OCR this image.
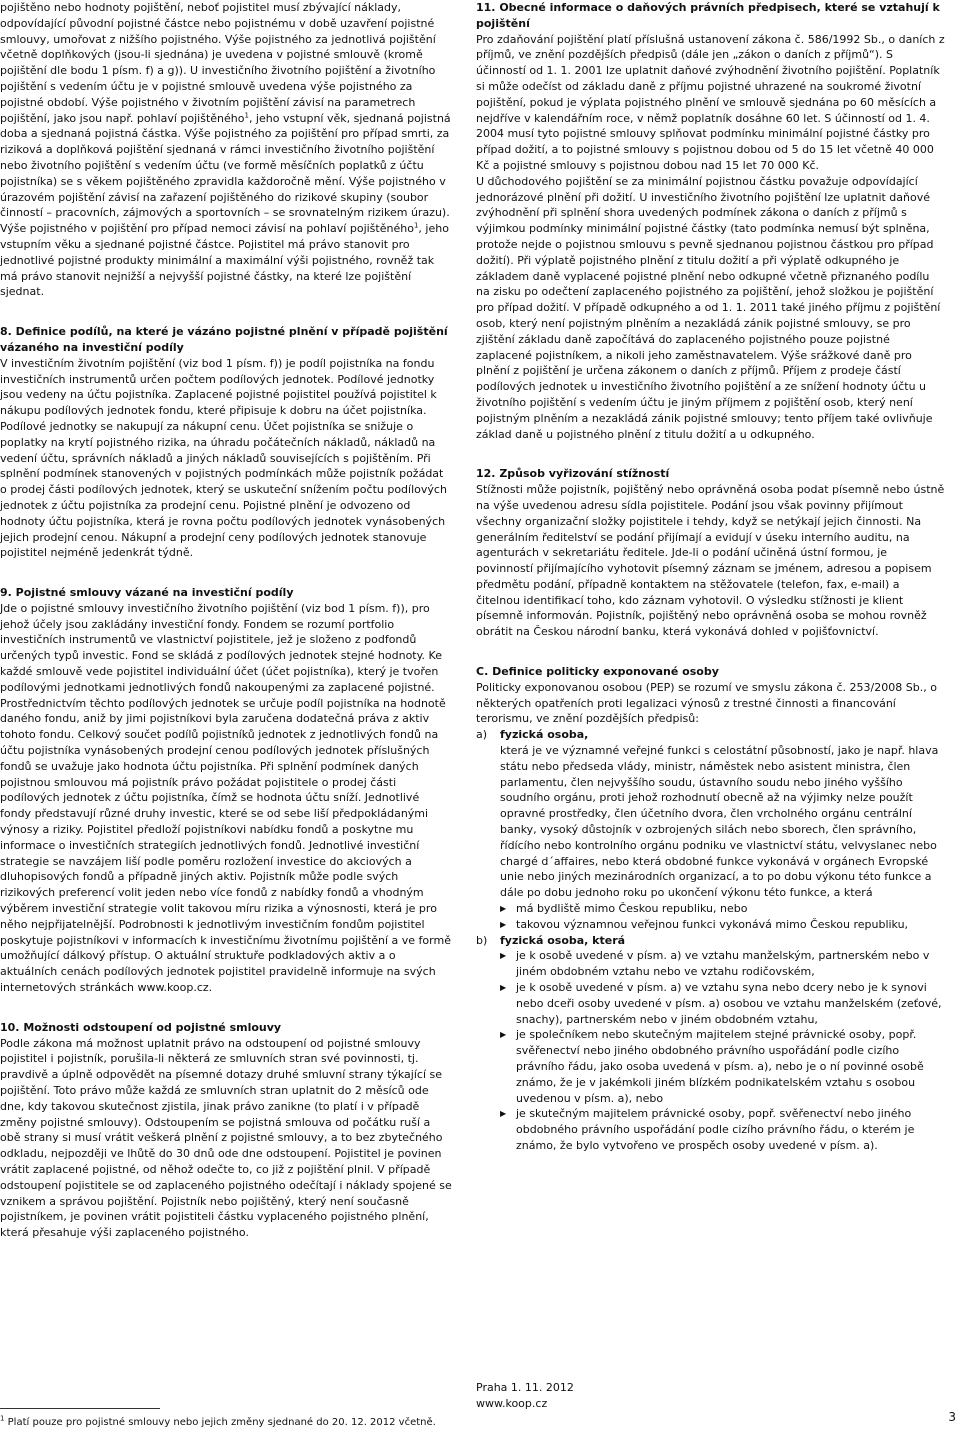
pojištěno nebo hodnoty pojištění, neboť pojistitel musí zbývající náklady, odpovídající původní pojistné částce nebo pojistnému v době uzavření pojistné smlouvy, umořovat z nižšího pojistného. Výše pojistného za jednotlivá pojištění včetně doplňkových (jsou-li sjednána) je uvedena v pojistné smlouvě (kromě pojištění dle bodu 1 písm. f) a g)). U investičního životního pojištění a životního pojištění s vedením účtu je v pojistné smlouvě uvedena výše pojistného za pojistné období. Výše pojistného v životním pojištění závisí na parametrech pojištění, jako jsou např. pohlaví pojištěného$^1$, jeho vstupní věk, sjednaná pojistná doba a sjednaná pojistná částka. Výše pojistného za pojištění pro případ smrti, za riziková a doplňková pojištění sjednaná v rámci investičního životního pojištění nebo životního pojištění s vedením účtu (ve formě měsíčních poplatků z účtu pojistníka) se s věkem pojištěného zpravidla každoročně mění. Výše pojistného v úrazovém pojištění závisí na zařazení pojištěného do rizikové skupiny (soubor činností – pracovních, zájmových a sportovních – se srovnatelným rizikem úrazu). Výše pojistného v pojištění pro případ nemoci závisí na pohlaví pojištěného$^1$, jeho vstupním věku a sjednané pojistné částce. Pojistitel má právo stanovit pro jednotlivé pojistné produkty minimální a maximální výši pojistného, rovněž tak má právo stanovit nejnižší a nejvyšší pojistné částky, na které lze pojištění sjednat.

8. Definice podílů, na které je vázáno pojistné plnění v případě pojištění vázaného na investiční podíly

V investičním životním pojištění (viz bod 1 písm. f)) je podíl pojistníka na fondu investičních instrumentů určen počtem podílových jednotek. Podílové jednotky jsou vedeny na účtu pojistníka. Zaplacené pojistné pojistitel používá pojistitel k nákupu podílových jednotek fondu, které připisuje k dobru na účet pojistníka. Podílové jednotky se nakupují za nákupní cenu. Účet pojistníka se snižuje o poplatky na krytí pojistného rizika, na úhradu počátečních nákladů, nákladů na vedení účtu, správních nákladů a jiných nákladů souvisejících s pojištěním. Při splnění podmínek stanovených v pojistných podmínkách může pojistník požádat o prodej části podílových jednotek, který se uskuteční snížením počtu podílových jednotek z účtu pojistníka za prodejní cenu. Pojistné plnění je odvozeno od hodnoty účtu pojistníka, která je rovna počtu podílových jednotek vynásobených jejich prodejní cenou. Nákupní a prodejní ceny podílových jednotek stanovuje pojistitel nejméně jedenkrát týdně.

9. Pojistné smlouvy vázané na investiční podíly

Jde o pojistné smlouvy investičního životního pojištění (viz bod 1 písm. f)), pro jehož účely jsou zakládány investiční fondy. Fondem se rozumí portfolio investičních instrumentů ve vlastnictví pojistitele, jež je složeno z podfondů určených typů investic. Fond se skládá z podílových jednotek stejné hodnoty. Ke každé smlouvě vede pojistitel individuální účet (účet pojistníka), který je tvořen podílovými jednotkami jednotlivých fondů nakoupenými za zaplacené pojistné. Prostřednictvím těchto podílových jednotek se určuje podíl pojistníka na hodnotě daného fondu, aniž by jimi pojistníkovi byla zaručena dodatečná práva z aktiv tohoto fondu. Celkový součet podílů pojistníků jednotek z jednotlivých fondů na účtu pojistníka vynásobených prodejní cenou podílových jednotek příslušných fondů se uvažuje jako hodnota účtu pojistníka. Při splnění podmínek daných pojistnou smlouvou má pojistník právo požádat pojistitele o prodej části podílových jednotek z účtu pojistníka, čímž se hodnota účtu sníží. Jednotlivé fondy představují různé druhy investic, které se od sebe liší předpokládanými výnosy a riziky. Pojistitel předloží pojistníkovi nabídku fondů a poskytne mu informace o investičních strategiích jednotlivých fondů. Jednotlivé investiční strategie se navzájem liší podle poměru rozložení investice do akciových a dluhopisových fondů a případně jiných aktiv. Pojistník může podle svých rizikových preferencí volit jeden nebo více fondů z nabídky fondů a vhodným výběrem investiční strategie volit takovou míru rizika a výnosnosti, která je pro něho nejpřijatelnější. Podrobnosti k jednotlivým investičním fondům pojistitel poskytuje pojistníkovi v informacích k investičnímu životnímu pojištění a ve formě umožňující dálkový přístup. O aktuální struktuře podkladových aktiv a o aktuálních cenách podílových jednotek pojistitel pravidelně informuje na svých internetových stránkách www.koop.cz.

10. Možnosti odstoupení od pojistné smlouvy

Podle zákona má možnost uplatnit právo na odstoupení od pojistné smlouvy pojistitel i pojistník, porušila-li některá ze smluvních stran své povinnosti, tj. pravdivě a úplně odpovědět na písemné dotazy druhé smluvní strany týkající se pojištění. Toto právo může každá ze smluvních stran uplatnit do 2 měsíců ode dne, kdy takovou skutečnost zjistila, jinak právo zanikne (to platí i v případě změny pojistné smlouvy). Odstoupením se pojistná smlouva od počátku ruší a obě strany si musí vrátit veškerá plnění z pojistné smlouvy, a to bez zbytečného odkladu, nejpozději ve lhůtě do 30 dnů ode dne odstoupení. Pojistitel je povinen vrátit zaplacené pojistné, od něhož odečte to, co již z pojištění plnil. V případě odstoupení pojistitele se od zaplaceného pojistného odečítají i náklady spojené se vznikem a správou pojištění. Pojistník nebo pojištěný, který není současně pojistníkem, je povinen vrátit pojistiteli částku vyplaceného pojistného plnění, která přesahuje výši zaplaceného pojistného.

11. Obecné informace o daňových právních předpisech, které se vztahují k pojištění

Pro zdaňování pojištění platí příslušná ustanovení zákona č. 586/1992 Sb., o daních z příjmů, ve znění pozdějších předpisů (dále jen „zákon o daních z příjmů“). S účinností od 1. 1. 2001 lze uplatnit daňové zvýhodnění životního pojištění. Poplatník si může odečíst od základu daně z příjmu pojistné uhrazené na soukromé životní pojištění, pokud je výplata pojistného plnění ve smlouvě sjednána po 60 měsících a nejdříve v kalendářním roce, v němž poplatník dosáhne 60 let. S účinností od 1. 4. 2004 musí tyto pojistné smlouvy splňovat podmínku minimální pojistné částky pro případ dožití, a to pojistné smlouvy s pojistnou dobou od 5 do 15 let včetně 40 000 Kč a pojistné smlouvy s pojistnou dobou nad 15 let 70 000 Kč.

U důchodového pojištění se za minimální pojistnou částku považuje odpovídající jednorázové plnění při dožití. U investičního životního pojištění lze uplatnit daňové zvýhodnění při splnění shora uvedených podmínek zákona o daních z příjmů s výjimkou podmínky minimální pojistné částky (tato podmínka nemusí být splněna, protože nejde o pojistnou smlouvu s pevně sjednanou pojistnou částkou pro případ dožití). Při výplatě pojistného plnění z titulu dožití a při výplatě odkupného je základem daně vyplacené pojistné plnění nebo odkupné včetně přiznaného podílu na zisku po odečtení zaplaceného pojistného za pojištění, jehož složkou je pojištění pro případ dožití. V případě odkupného a od 1. 1. 2011 také jiného příjmu z pojištění osob, který není pojistným plněním a nezakládá zánik pojistné smlouvy, se pro zjištění základu daně započítává do zaplaceného pojistného pouze pojistné zaplacené pojistníkem, a nikoli jeho zaměstnavatelem. Výše srážkové daně pro plnění z pojištění je určena zákonem o daních z příjmů. Příjem z prodeje částí podílových jednotek u investičního životního pojištění a ze snížení hodnoty účtu u životního pojištění s vedením účtu je jiným příjmem z pojištění osob, který není pojistným plněním a nezakládá zánik pojistné smlouvy; tento příjem také ovlivňuje základ daně u pojistného plnění z titulu dožití a u odkupného.

12. Způsob vyřizování stížností

Stížnosti může pojistník, pojištěný nebo oprávněná osoba podat písemně nebo ústně na výše uvedenou adresu sídla pojistitele. Podání jsou však povinny přijímout všechny organizační složky pojistitele i tehdy, když se netýkají jejich činnosti. Na generálním ředitelství se podání přijímají a evidují v úseku interního auditu, na agenturách v sekretariátu ředitele. Jde-li o podání učiněná ústní formou, je povinností přijímajícího vyhotovit písemný záznam se jménem, adresou a popisem předmětu podání, případně kontaktem na stěžovatele (telefon, fax, e-mail) a čitelnou identifikací toho, kdo záznam vyhotovil. O výsledku stížnosti je klient písemně informován. Pojistník, pojištěný nebo oprávněná osoba se mohou rovněž obrátit na Českou národní banku, která vykonává dohled v pojišťovnictví.

C. Definice politicky exponované osoby

Politicky exponovanou osobou (PEP) se rozumí ve smyslu zákona č. 253/2008 Sb., o některých opatřeních proti legalizaci výnosů z trestné činnosti a financování terorismu, ve znění pozdějších předpisů:

a)	fyzická osoba,
která je ve významné veřejné funkci s celostátní působností, jako je např. hlava státu nebo předseda vlády, ministr, náměstek nebo asistent ministra, člen parlamentu, člen nejvyššího soudu, ústavního soudu nebo jiného vyššího soudního orgánu, proti jehož rozhodnutí obecně až na výjimky nelze použít opravné prostředky, člen účetního dvora, člen vrcholného orgánu centrální banky, vysoký důstojník v ozbrojených silách nebo sborech, člen správního, řídícího nebo kontrolního orgánu podniku ve vlastnictví státu, velvyslanec nebo chargé d´affaires, nebo která obdobné funkce vykonává v orgánech Evropské unie nebo jiných mezinárodních organizací, a to po dobu výkonu této funkce a dále po dobu jednoho roku po ukončení výkonu této funkce, a která
▶ má bydliště mimo Českou republiku, nebo
▶ takovou významnou veřejnou funkci vykonává mimo Českou republiku,
b)	fyzická osoba, která
▶ je k osobě uvedené v písm. a) ve vztahu manželským, partnerském nebo v jiném obdobném vztahu nebo ve vztahu rodičovském,
▶ je k osobě uvedené v písm. a) ve vztahu syna nebo dcery nebo je k synovi nebo dceři osoby uvedené v písm. a) osobou ve vztahu manželském (zeťové, snachy), partnerském nebo v jiném obdobném vztahu,
▶ je společníkem nebo skutečným majitelem stejné právnické osoby, popř. svěřenectví nebo jiného obdobného právního uspořádání podle cizího právního řádu, jako osoba uvedená v písm. a), nebo je o ní povinné osobě známo, že je v jakémkoli jiném blízkém podnikatelském vztahu s osobou uvedenou v písm. a), nebo
▶ je skutečným majitelem právnické osoby, popř. svěřenectví nebo jiného obdobného právního uspořádání podle cizího právního řádu, o kterém je známo, že bylo vytvořeno ve prospěch osoby uvedené v písm. a).
Praha 1. 11. 2012
www.koop.cz
$^1$ Platí pouze pro pojistné smlouvy nebo jejich změny sjednané do 20. 12. 2012 včetně.	3
